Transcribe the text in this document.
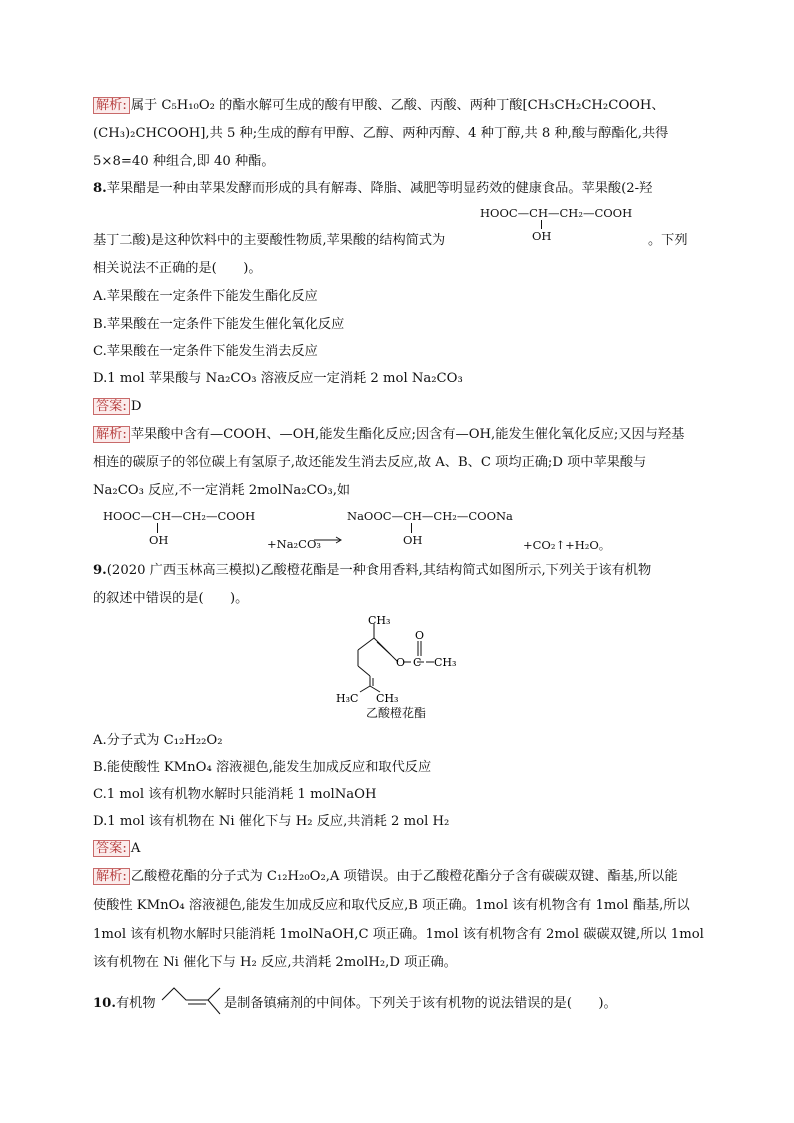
解析: 属于 C₅H₁₀O₂ 的酯水解可生成的酸有甲酸、乙酸、丙酸、两种丁酸[CH₃CH₂CH₂COOH、
(CH₃)₂CHCOOH],共 5 种;生成的醇有甲醇、乙醇、两种丙醇、4 种丁醇,共 8 种,酸与醇酯化,共得
5×8=40 种组合,即 40 种酯。
8.苹果醋是一种由苹果发酵而形成的具有解毒、降脂、减肥等明显药效的健康食品。苹果酸(2-羟
HOOC—CH—CH₂—COOH
OH
基丁二酸)是这种饮料中的主要酸性物质,苹果酸的结构简式为	。下列
相关说法不正确的是(　　)。
A.苹果酸在一定条件下能发生酯化反应
B.苹果酸在一定条件下能发生催化氧化反应
C.苹果酸在一定条件下能发生消去反应
D.1 mol 苹果酸与 Na₂CO₃ 溶液反应一定消耗 2 mol Na₂CO₃
答案: D
解析: 苹果酸中含有—COOH、—OH,能发生酯化反应;因含有—OH,能发生催化氧化反应;又因与羟基
相连的碳原子的邻位碳上有氢原子,故还能发生消去反应,故 A、B、C 项均正确;D 项中苹果酸与
Na₂CO₃ 反应,不一定消耗 2molNa₂CO₃,如
HOOC—CH—CH₂—COOH
OH	+Na₂CO₃
NaOOC—CH—CH₂—COONa
OH	+CO₂↑+H₂O。
9.(2020 广西玉林高三模拟)乙酸橙花酯是一种食用香料,其结构简式如图所示,下列关于该有机物
的叙述中错误的是(　　)。
CH₃
O
O C CH₃
H₃C CH₃
乙酸橙花酯
A.分子式为 C₁₂H₂₂O₂
B.能使酸性 KMnO₄ 溶液褪色,能发生加成反应和取代反应
C.1 mol 该有机物水解时只能消耗 1 molNaOH
D.1 mol 该有机物在 Ni 催化下与 H₂ 反应,共消耗 2 mol H₂
答案: A
解析: 乙酸橙花酯的分子式为 C₁₂H₂₀O₂,A 项错误。由于乙酸橙花酯分子含有碳碳双键、酯基,所以能
使酸性 KMnO₄ 溶液褪色,能发生加成反应和取代反应,B 项正确。1mol 该有机物含有 1mol 酯基,所以
1mol 该有机物水解时只能消耗 1molNaOH,C 项正确。1mol 该有机物含有 2mol 碳碳双键,所以 1mol
该有机物在 Ni 催化下与 H₂ 反应,共消耗 2molH₂,D 项正确。
10.有机物	是制备镇痛剂的中间体。下列关于该有机物的说法错误的是(　　)。
